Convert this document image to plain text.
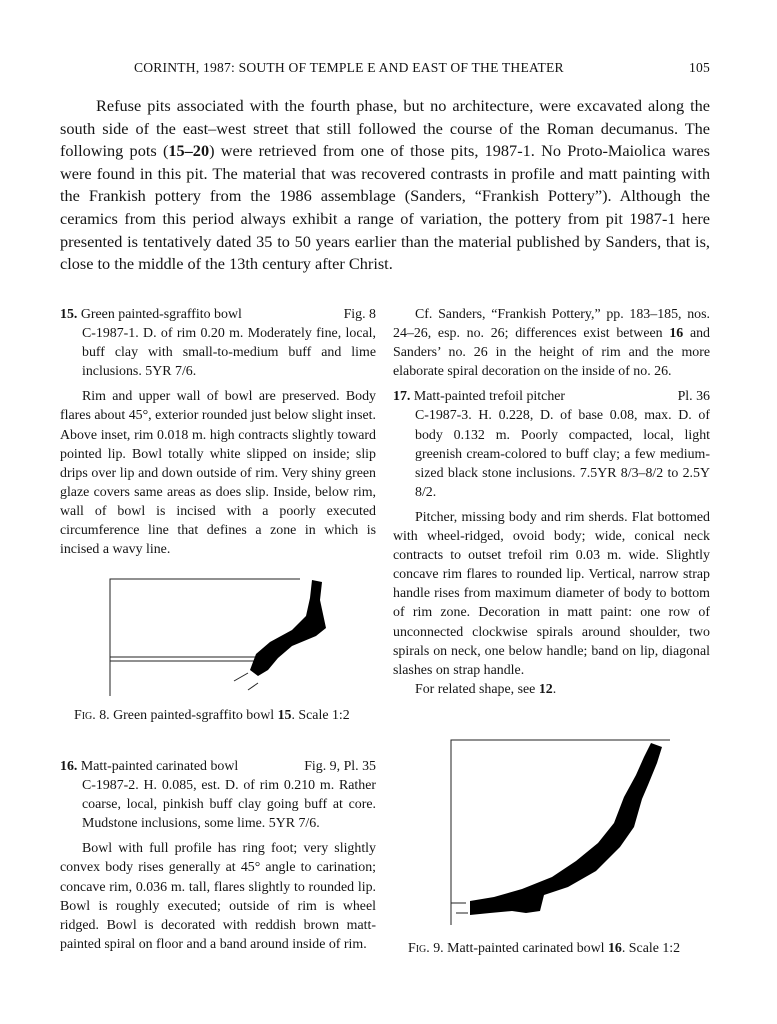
CORINTH, 1987: SOUTH OF TEMPLE E AND EAST OF THE THEATER	105

Refuse pits associated with the fourth phase, but no architecture, were excavated along the south side of the east–west street that still followed the course of the Roman decumanus. The following pots (15–20) were retrieved from one of those pits, 1987-1. No Proto-Maiolica wares were found in this pit. The material that was recovered contrasts in profile and matt painting with the Frankish pottery from the 1986 assemblage (Sanders, “Frankish Pottery”). Although the ceramics from this period always exhibit a range of variation, the pottery from pit 1987-1 here presented is tentatively dated 35 to 50 years earlier than the material published by Sanders, that is, close to the middle of the 13th century after Christ.

15. Green painted-sgraffito bowl	Fig. 8

C-1987-1. D. of rim 0.20 m. Moderately fine, local, buff clay with small-to-medium buff and lime inclusions. 5YR 7/6.

Rim and upper wall of bowl are preserved. Body flares about 45°, exterior rounded just below slight inset. Above inset, rim 0.018 m. high contracts slightly toward pointed lip. Bowl totally white slipped on inside; slip drips over lip and down outside of rim. Very shiny green glaze covers same areas as does slip. Inside, below rim, wall of bowl is incised with a poorly executed circumference line that defines a zone in which is incised a wavy line.

Fig. 8. Green painted-sgraffito bowl 15. Scale 1:2
16. Matt-painted carinated bowl	Fig. 9, Pl. 35

C-1987-2. H. 0.085, est. D. of rim 0.210 m. Rather coarse, local, pinkish buff clay going buff at core. Mudstone inclusions, some lime. 5YR 7/6.

Bowl with full profile has ring foot; very slightly convex body rises generally at 45° angle to carination; concave rim, 0.036 m. tall, flares slightly to rounded lip. Bowl is roughly executed; outside of rim is wheel ridged. Bowl is decorated with reddish brown matt-painted spiral on floor and a band around inside of rim.

Cf. Sanders, “Frankish Pottery,” pp. 183–185, nos. 24–26, esp. no. 26; differences exist between 16 and Sanders’ no. 26 in the height of rim and the more elaborate spiral decoration on the inside of no. 26.

17. Matt-painted trefoil pitcher	Pl. 36

C-1987-3. H. 0.228, D. of base 0.08, max. D. of body 0.132 m. Poorly compacted, local, light greenish cream-colored to buff clay; a few medium-sized black stone inclusions. 7.5YR 8/3–8/2 to 2.5Y 8/2.

Pitcher, missing body and rim sherds. Flat bottomed with wheel-ridged, ovoid body; wide, conical neck contracts to outset trefoil rim 0.03 m. wide. Slightly concave rim flares to rounded lip. Vertical, narrow strap handle rises from maximum diameter of body to bottom of rim zone. Decoration in matt paint: one row of unconnected clockwise spirals around shoulder, two spirals on neck, one below handle; band on lip, diagonal slashes on strap handle.

For related shape, see 12.

Fig. 9. Matt-painted carinated bowl 16. Scale 1:2
